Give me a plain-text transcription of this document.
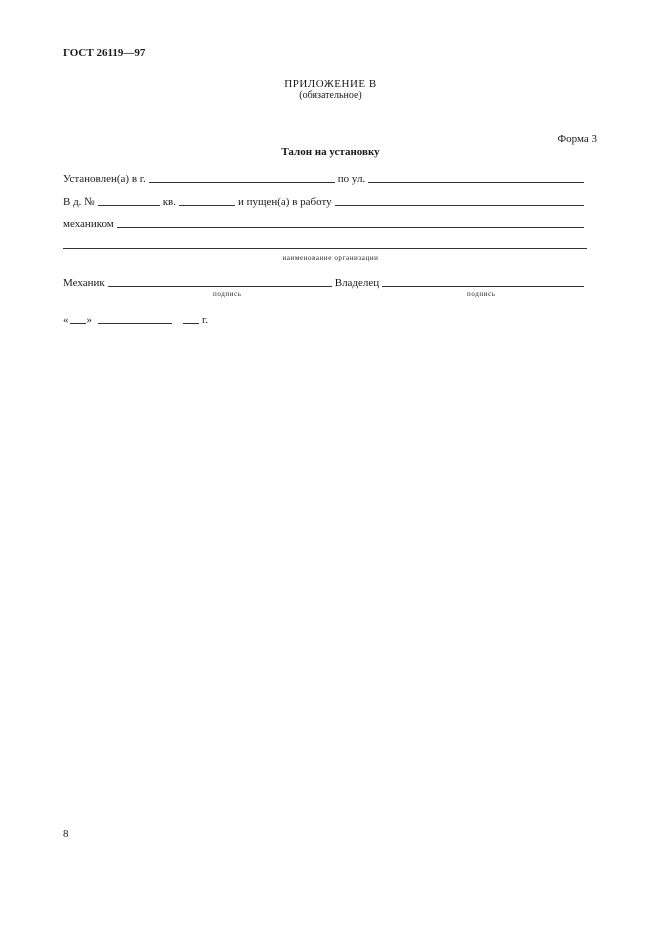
ГОСТ 26119—97
ПРИЛОЖЕНИЕ В
(обязательное)
Форма 3
Талон на установку
Установлен(а) в г.	по ул.
В д. №	кв.	и пущен(а) в работу
механиком
наименование организации
Механик	Владелец
подпись	подпись
« »	г.
8
